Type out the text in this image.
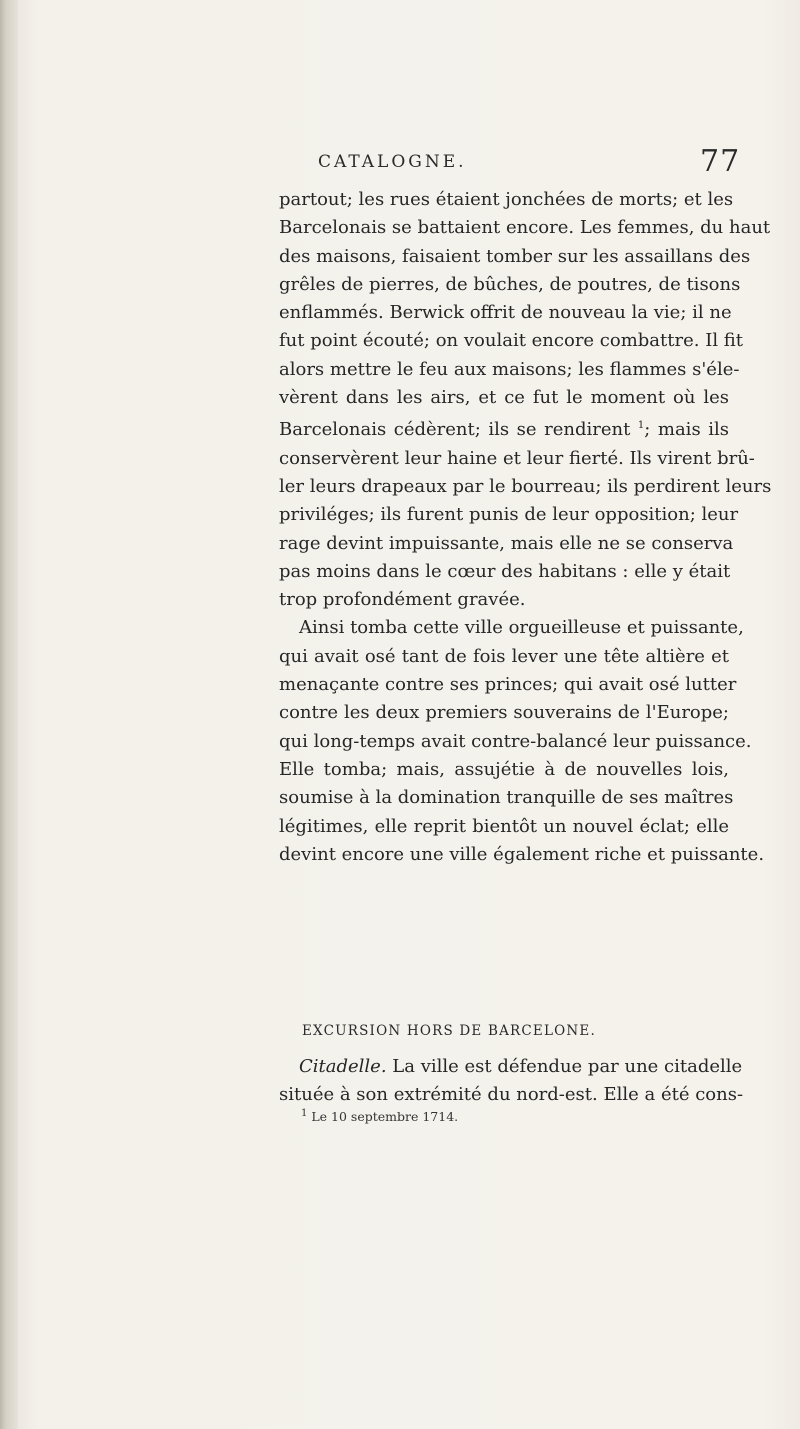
CATALOGNE.	77
partout; les rues étaient jonchées de morts; et les
Barcelonais se battaient encore. Les femmes, du haut
des maisons, faisaient tomber sur les assaillans des
grêles de pierres, de bûches, de poutres, de tisons
enflammés. Berwick offrit de nouveau la vie; il ne
fut point écouté; on voulait encore combattre. Il fit
alors mettre le feu aux maisons; les flammes s'éle-
vèrent dans les airs, et ce fut le moment où les
Barcelonais cédèrent; ils se rendirent $^1$; mais ils
conservèrent leur haine et leur fierté. Ils virent brû-
ler leurs drapeaux par le bourreau; ils perdirent leurs
priviléges; ils furent punis de leur opposition; leur
rage devint impuissante, mais elle ne se conserva
pas moins dans le cœur des habitans : elle y était
trop profondément gravée.
Ainsi tomba cette ville orgueilleuse et puissante,
qui avait osé tant de fois lever une tête altière et
menaçante contre ses princes; qui avait osé lutter
contre les deux premiers souverains de l'Europe;
qui long-temps avait contre-balancé leur puissance.
Elle tomba; mais, assujétie à de nouvelles lois,
soumise à la domination tranquille de ses maîtres
légitimes, elle reprit bientôt un nouvel éclat; elle
devint encore une ville également riche et puissante.
EXCURSION HORS DE BARCELONE.
Citadelle. La ville est défendue par une citadelle
située à son extrémité du nord-est. Elle a été cons-
$^1$ Le 10 septembre 1714.
